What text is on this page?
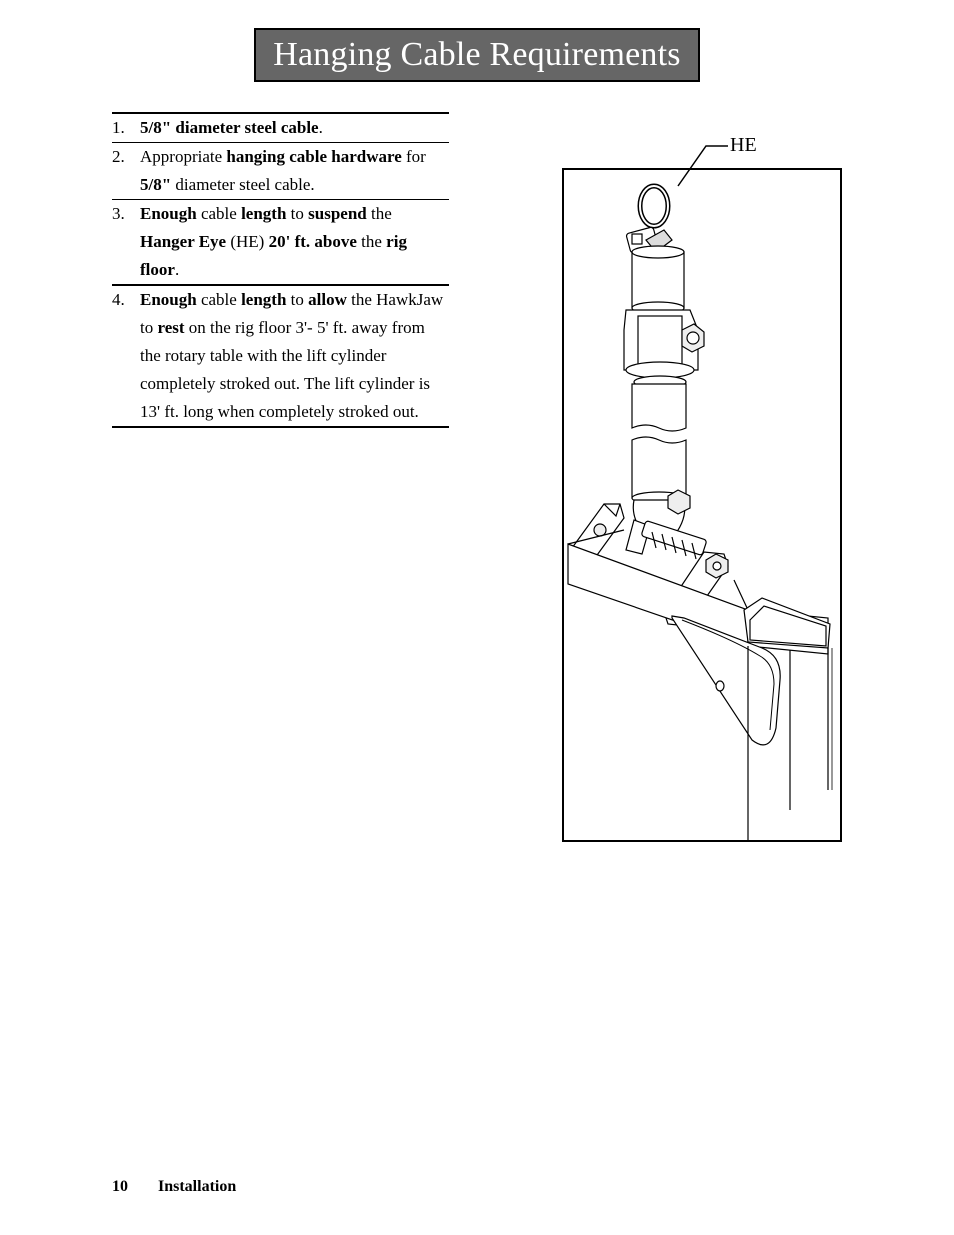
Hanging Cable Requirements
1. 5/8" diameter steel cable.
2. Appropriate hanging cable hardware for 5/8" diameter steel cable.
3. Enough cable length to suspend the Hanger Eye (HE) 20' ft. above the rig floor.
4. Enough cable length to allow the HawkJaw to rest on the rig floor 3'- 5' ft. away from the rotary table with the lift cylinder completely stroked out. The lift cylinder is 13' ft. long when completely stroked out.
HE
10 Installation
